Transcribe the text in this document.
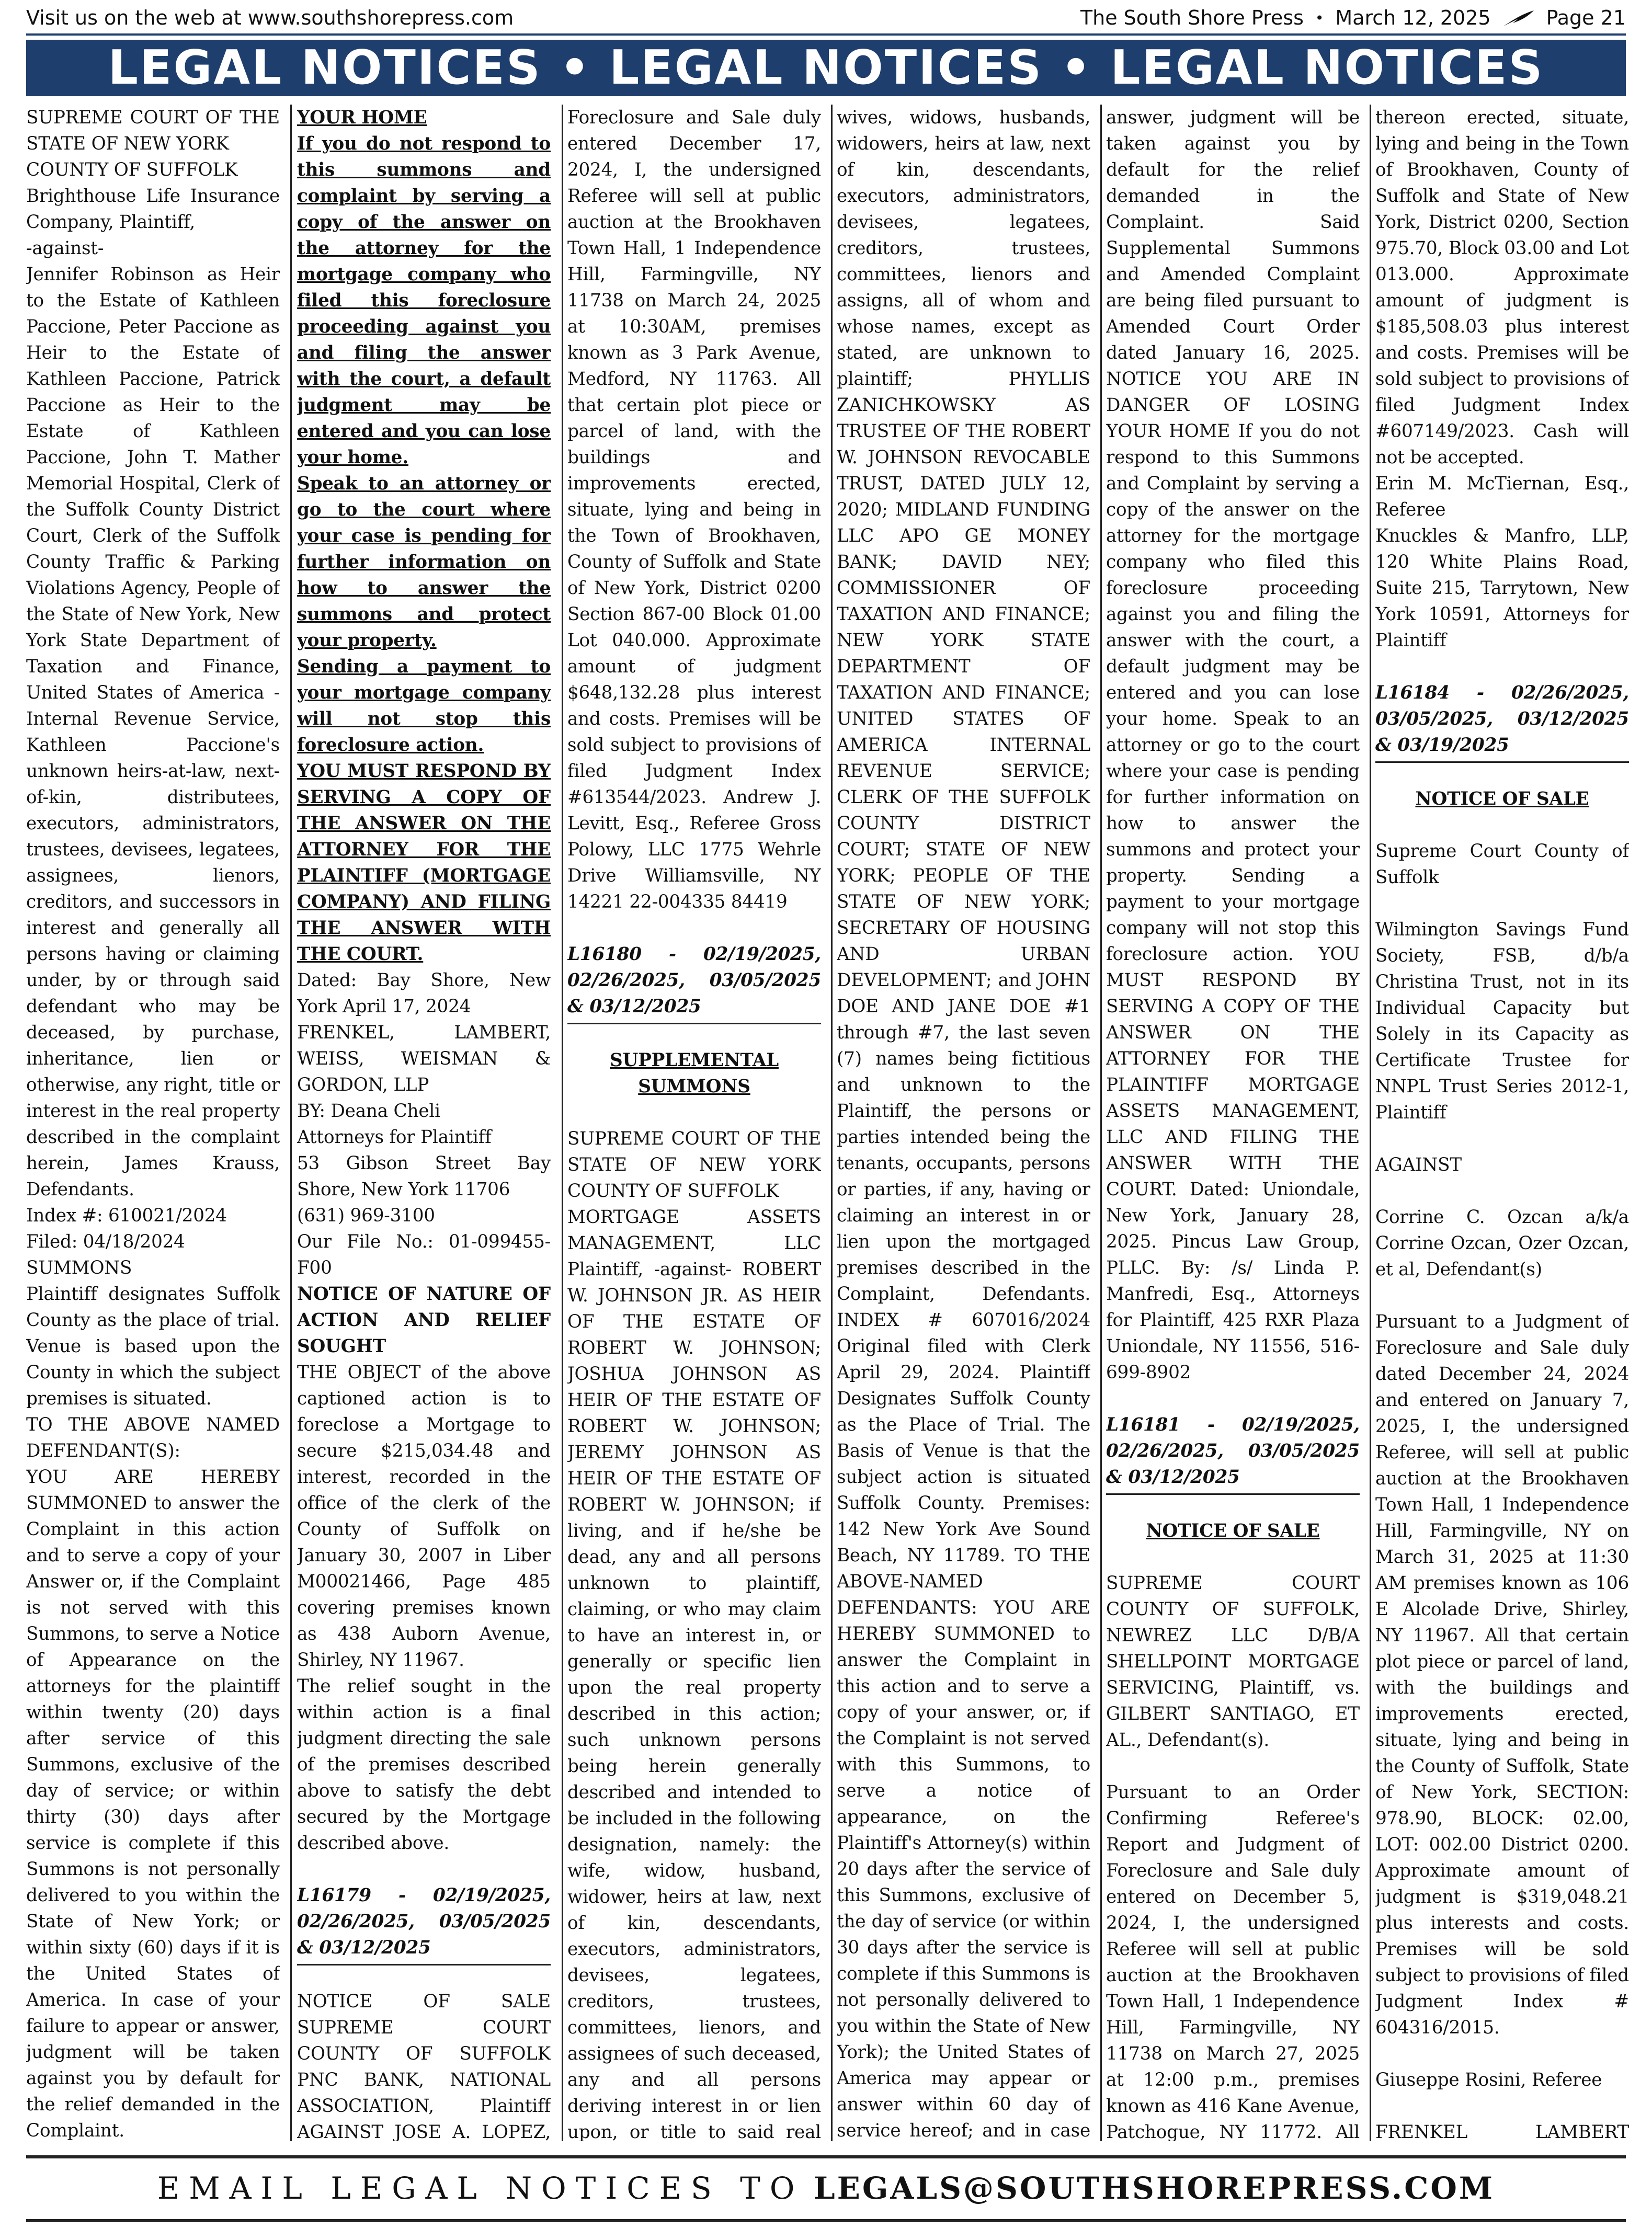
Visit us on the web at www.southshorepress.com	The South Shore Press • March 12, 2025	Page 21
LEGAL NOTICES • LEGAL NOTICES • LEGAL NOTICES

SUPREME COURT OF THE STATE OF NEW YORK

COUNTY OF SUFFOLK

Brighthouse Life Insurance Company, Plaintiff,

-against-

Jennifer Robinson as Heir to the Estate of Kathleen Paccione, Peter Paccione as Heir to the Estate of Kathleen Paccione, Patrick Paccione as Heir to the Estate of Kathleen Paccione, John T. Mather Memorial Hospital, Clerk of the Suffolk County District Court, Clerk of the Suffolk County Traffic & Parking Violations Agency, People of the State of New York, New York State Department of Taxation and Finance, United States of America - Internal Revenue Service, Kathleen Paccione's unknown heirs-at-law, next-of-kin, distributees, executors, administrators, trustees, devisees, legatees, assignees, lienors, creditors, and successors in interest and generally all persons having or claiming under, by or through said defendant who may be deceased, by purchase, inheritance, lien or otherwise, any right, title or interest in the real property described in the complaint herein, James Krauss, Defendants.

Index #: 610021/2024

Filed: 04/18/2024

SUMMONS

Plaintiff designates Suffolk County as the place of trial. Venue is based upon the County in which the subject premises is situated.

TO THE ABOVE NAMED DEFENDANT(S):

YOU ARE HEREBY SUMMONED to answer the Complaint in this action and to serve a copy of your Answer or, if the Complaint is not served with this Summons, to serve a Notice of Appearance on the attorneys for the plaintiff within twenty (20) days after service of this Summons, exclusive of the day of service; or within thirty (30) days after service is complete if this Summons is not personally delivered to you within the State of New York; or within sixty (60) days if it is the United States of America. In case of your failure to appear or answer, judgment will be taken against you by default for the relief demanded in the Complaint.

YOUR HOME

If you do not respond to this summons and complaint by serving a copy of the answer on the attorney for the mortgage company who filed this foreclosure proceeding against you and filing the answer with the court, a default judgment may be entered and you can lose your home.

Speak to an attorney or go to the court where your case is pending for further information on how to answer the summons and protect your property.

Sending a payment to your mortgage company will not stop this foreclosure action.

YOU MUST RESPOND BY SERVING A COPY OF THE ANSWER ON THE ATTORNEY FOR THE PLAINTIFF (MORTGAGE COMPANY) AND FILING THE ANSWER WITH THE COURT.

Dated: Bay Shore, New York April 17, 2024

FRENKEL, LAMBERT, WEISS, WEISMAN & GORDON, LLP

BY: Deana Cheli

Attorneys for Plaintiff

53 Gibson Street Bay Shore, New York 11706

(631) 969-3100

Our File No.: 01-099455-F00

NOTICE OF NATURE OF ACTION AND RELIEF SOUGHT

THE OBJECT of the above captioned action is to foreclose a Mortgage to secure $215,034.48 and interest, recorded in the office of the clerk of the County of Suffolk on January 30, 2007 in Liber M00021466, Page 485 covering premises known as 438 Auborn Avenue, Shirley, NY 11967.

The relief sought in the within action is a final judgment directing the sale of the premises described above to satisfy the debt secured by the Mortgage described above.

L16179 - 02/19/2025, 02/26/2025, 03/05/2025 & 03/12/2025

NOTICE OF SALE SUPREME COURT COUNTY OF SUFFOLK PNC BANK, NATIONAL ASSOCIATION, Plaintiff AGAINST JOSE A. LOPEZ,

Foreclosure and Sale duly entered December 17, 2024, I, the undersigned Referee will sell at public auction at the Brookhaven Town Hall, 1 Independence Hill, Farmingville, NY 11738 on March 24, 2025 at 10:30AM, premises known as 3 Park Avenue, Medford, NY 11763. All that certain plot piece or parcel of land, with the buildings and improvements erected, situate, lying and being in the Town of Brookhaven, County of Suffolk and State of New York, District 0200 Section 867-00 Block 01.00 Lot 040.000. Approximate amount of judgment $648,132.28 plus interest and costs. Premises will be sold subject to provisions of filed Judgment Index #613544/2023. Andrew J. Levitt, Esq., Referee Gross Polowy, LLC 1775 Wehrle Drive Williamsville, NY 14221 22-004335 84419

L16180 - 02/19/2025, 02/26/2025, 03/05/2025 & 03/12/2025

SUPPLEMENTAL SUMMONS

SUPREME COURT OF THE STATE OF NEW YORK COUNTY OF SUFFOLK

MORTGAGE ASSETS MANAGEMENT, LLC Plaintiff, -against- ROBERT W. JOHNSON JR. AS HEIR OF THE ESTATE OF ROBERT W. JOHNSON; JOSHUA JOHNSON AS HEIR OF THE ESTATE OF ROBERT W. JOHNSON; JEREMY JOHNSON AS HEIR OF THE ESTATE OF ROBERT W. JOHNSON; if living, and if he/she be dead, any and all persons unknown to plaintiff, claiming, or who may claim to have an interest in, or generally or specific lien upon the real property described in this action; such unknown persons being herein generally described and intended to be included in the following designation, namely: the wife, widow, husband, widower, heirs at law, next of kin, descendants, executors, administrators, devisees, legatees, creditors, trustees, committees, lienors, and assignees of such deceased, any and all persons deriving interest in or lien upon, or title to said real

wives, widows, husbands, widowers, heirs at law, next of kin, descendants, executors, administrators, devisees, legatees, creditors, trustees, committees, lienors and assigns, all of whom and whose names, except as stated, are unknown to plaintiff; PHYLLIS ZANICHKOWSKY AS TRUSTEE OF THE ROBERT W. JOHNSON REVOCABLE TRUST, DATED JULY 12, 2020; MIDLAND FUNDING LLC APO GE MONEY BANK; DAVID NEY; COMMISSIONER OF TAXATION AND FINANCE; NEW YORK STATE DEPARTMENT OF TAXATION AND FINANCE; UNITED STATES OF AMERICA INTERNAL REVENUE SERVICE; CLERK OF THE SUFFOLK COUNTY DISTRICT COURT; STATE OF NEW YORK; PEOPLE OF THE STATE OF NEW YORK; SECRETARY OF HOUSING AND URBAN DEVELOPMENT; and JOHN DOE AND JANE DOE #1 through #7, the last seven (7) names being fictitious and unknown to the Plaintiff, the persons or parties intended being the tenants, occupants, persons or parties, if any, having or claiming an interest in or lien upon the mortgaged premises described in the Complaint, Defendants. INDEX # 607016/2024 Original filed with Clerk April 29, 2024. Plaintiff Designates Suffolk County as the Place of Trial. The Basis of Venue is that the subject action is situated Suffolk County. Premises: 142 New York Ave Sound Beach, NY 11789. TO THE ABOVE-NAMED DEFENDANTS: YOU ARE HEREBY SUMMONED to answer the Complaint in this action and to serve a copy of your answer, or, if the Complaint is not served with this Summons, to serve a notice of appearance, on the Plaintiff's Attorney(s) within 20 days after the service of this Summons, exclusive of the day of service (or within 30 days after the service is complete if this Summons is not personally delivered to you within the State of New York); the United States of America may appear or answer within 60 day of service hereof; and in case

answer, judgment will be taken against you by default for the relief demanded in the Complaint. Said Supplemental Summons and Amended Complaint are being filed pursuant to Amended Court Order dated January 16, 2025. NOTICE YOU ARE IN DANGER OF LOSING YOUR HOME If you do not respond to this Summons and Complaint by serving a copy of the answer on the attorney for the mortgage company who filed this foreclosure proceeding against you and filing the answer with the court, a default judgment may be entered and you can lose your home. Speak to an attorney or go to the court where your case is pending for further information on how to answer the summons and protect your property. Sending a payment to your mortgage company will not stop this foreclosure action. YOU MUST RESPOND BY SERVING A COPY OF THE ANSWER ON THE ATTORNEY FOR THE PLAINTIFF MORTGAGE ASSETS MANAGEMENT, LLC AND FILING THE ANSWER WITH THE COURT. Dated: Uniondale, New York, January 28, 2025. Pincus Law Group, PLLC. By: /s/ Linda P. Manfredi, Esq., Attorneys for Plaintiff, 425 RXR Plaza Uniondale, NY 11556, 516-699-8902

L16181 - 02/19/2025, 02/26/2025, 03/05/2025 & 03/12/2025

NOTICE OF SALE

SUPREME COURT COUNTY OF SUFFOLK, NEWREZ LLC D/B/A SHELLPOINT MORTGAGE SERVICING, Plaintiff, vs. GILBERT SANTIAGO, ET AL., Defendant(s).

Pursuant to an Order Confirming Referee's Report and Judgment of Foreclosure and Sale duly entered on December 5, 2024, I, the undersigned Referee will sell at public auction at the Brookhaven Town Hall, 1 Independence Hill, Farmingville, NY 11738 on March 27, 2025 at 12:00 p.m., premises known as 416 Kane Avenue, Patchogue, NY 11772. All

thereon erected, situate, lying and being in the Town of Brookhaven, County of Suffolk and State of New York, District 0200, Section 975.70, Block 03.00 and Lot 013.000. Approximate amount of judgment is $185,508.03 plus interest and costs. Premises will be sold subject to provisions of filed Judgment Index #607149/2023. Cash will not be accepted.

Erin M. McTiernan, Esq., Referee

Knuckles & Manfro, LLP, 120 White Plains Road, Suite 215, Tarrytown, New York 10591, Attorneys for Plaintiff

L16184 - 02/26/2025, 03/05/2025, 03/12/2025 & 03/19/2025

NOTICE OF SALE

Supreme Court County of Suffolk

Wilmington Savings Fund Society, FSB, d/b/a Christina Trust, not in its Individual Capacity but Solely in its Capacity as Certificate Trustee for NNPL Trust Series 2012-1, Plaintiff

AGAINST

Corrine C. Ozcan a/k/a Corrine Ozcan, Ozer Ozcan, et al, Defendant(s)

Pursuant to a Judgment of Foreclosure and Sale duly dated December 24, 2024 and entered on January 7, 2025, I, the undersigned Referee, will sell at public auction at the Brookhaven Town Hall, 1 Independence Hill, Farmingville, NY on March 31, 2025 at 11:30 AM premises known as 106 E Alcolade Drive, Shirley, NY 11967. All that certain plot piece or parcel of land, with the buildings and improvements erected, situate, lying and being in the County of Suffolk, State of New York, SECTION: 978.90, BLOCK: 02.00, LOT: 002.00 District 0200. Approximate amount of judgment is $319,048.21 plus interests and costs. Premises will be sold subject to provisions of filed Judgment Index # 604316/2015.

Giuseppe Rosini, Referee

FRENKEL LAMBERT

EMAIL LEGAL NOTICES TO LEGALS@SOUTHSHOREPRESS.COM
